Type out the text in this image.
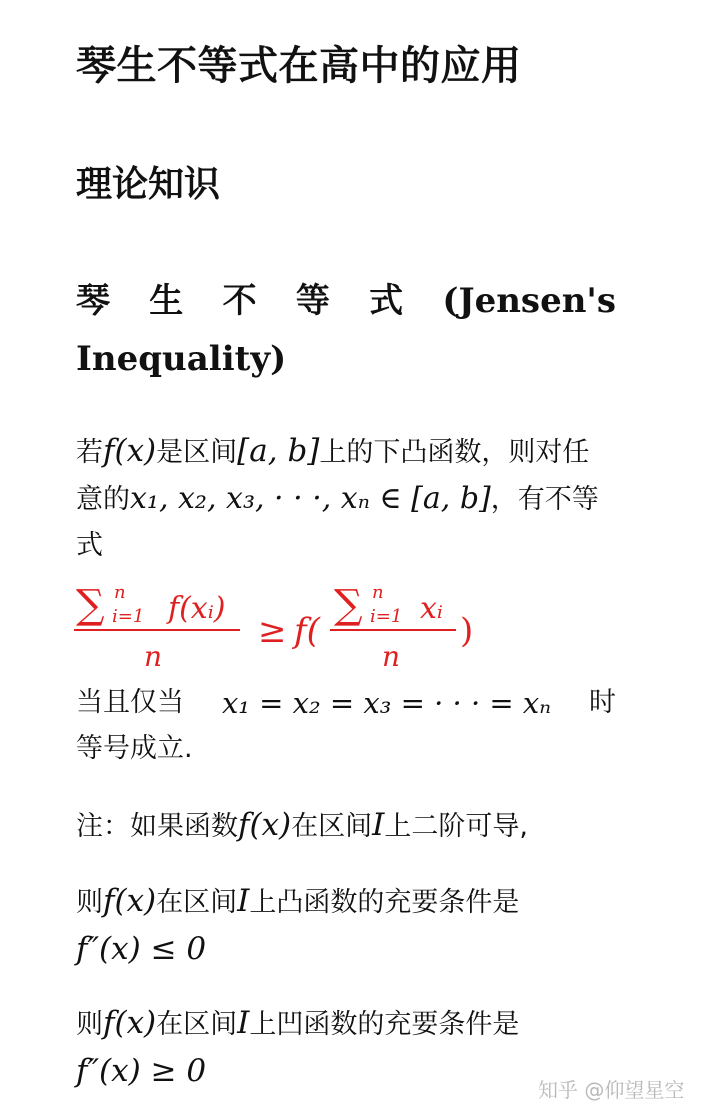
琴生不等式在高中的应用
理论知识
琴 生 不 等 式 (Jensen's
Inequality)
若f(x)是区间[a, b]上的下凸函数，则对任
意的x₁, x₂, x₃, · · ·, xₙ ∈ [a, b]，有不等
式
∑ n
i=1 f(xᵢ)
n
≥ f(
∑ n
i=1 xᵢ
n
)
当且仅当 x₁ = x₂ = x₃ = · · · = xₙ 时
等号成立.
注：如果函数f(x)在区间I上二阶可导,
则f(x)在区间I上凸函数的充要条件是
f″(x) ≤ 0
则f(x)在区间I上凹函数的充要条件是
f″(x) ≥ 0
知乎 @仰望星空
